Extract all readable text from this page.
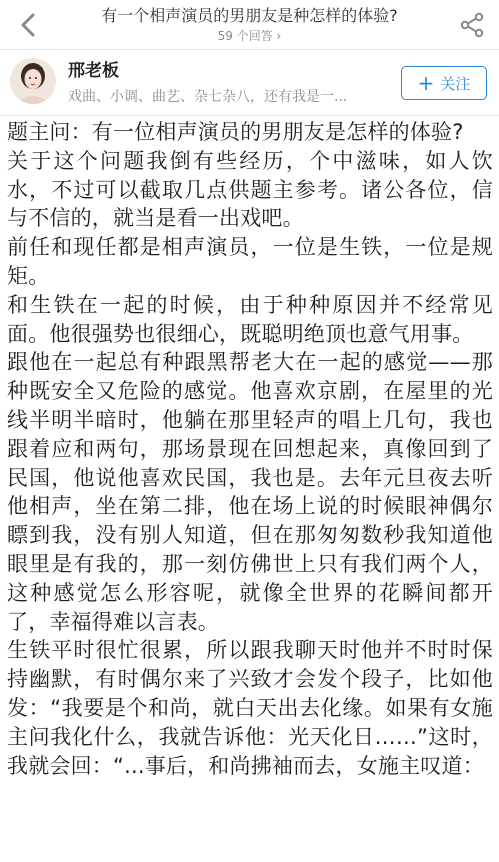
有一个相声演员的男朋友是种怎样的体验?
59 个回答 ›
邢老板
戏曲、小调、曲艺、杂七杂八，还有我是一...
+ 关注

题主问：有一位相声演员的男朋友是怎样的体验?

关于这个问题我倒有些经历，个中滋味，如人饮水，不过可以截取几点供题主参考。诸公各位，信与不信的，就当是看一出戏吧。

前任和现任都是相声演员，一位是生铁，一位是规矩。

和生铁在一起的时候，由于种种原因并不经常见面。他很强势也很细心，既聪明绝顶也意气用事。

跟他在一起总有种跟黑帮老大在一起的感觉——那种既安全又危险的感觉。他喜欢京剧，在屋里的光线半明半暗时，他躺在那里轻声的唱上几句，我也跟着应和两句，那场景现在回想起来，真像回到了民国，他说他喜欢民国，我也是。去年元旦夜去听他相声，坐在第二排，他在场上说的时候眼神偶尔瞟到我，没有别人知道，但在那匆匆数秒我知道他眼里是有我的，那一刻仿佛世上只有我们两个人，这种感觉怎么形容呢，就像全世界的花瞬间都开了，幸福得难以言表。

生铁平时很忙很累，所以跟我聊天时他并不时时保持幽默，有时偶尔来了兴致才会发个段子，比如他发：“我要是个和尚，就白天出去化缘。如果有女施主问我化什么，我就告诉他：光天化日……”这时，我就会回：“...事后，和尚拂袖而去，女施主叹道：
